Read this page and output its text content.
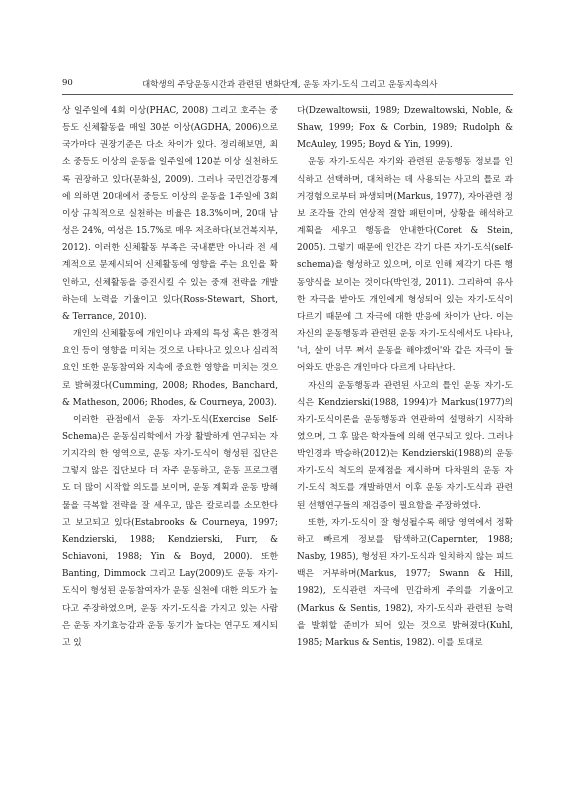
90	대학생의 주당운동시간과 관련된 변화단계, 운동 자기-도식 그리고 운동지속의사

상 일주일에 4회 이상(PHAC, 2008) 그리고 호주는 중등도 신체활동을 매일 30분 이상(AGDHA, 2006)으로 국가마다 권장기준은 다소 차이가 있다. 정리해보면, 최소 중등도 이상의 운동을 일주일에 120분 이상 실천하도록 권장하고 있다(문화실, 2009). 그러나 국민건강통계에 의하면 20대에서 중등도 이상의 운동을 1주일에 3회 이상 규칙적으로 실천하는 비율은 18.3%이며, 20대 남성은 24%, 여성은 15.7%로 매우 저조하다(보건복지부, 2012). 이러한 신체활동 부족은 국내뿐만 아니라 전 세계적으로 문제시되어 신체활동에 영향을 주는 요인을 확인하고, 신체활동을 증진시킬 수 있는 중재 전략을 개발하는데 노력을 기울이고 있다(Ross-Stewart, Short, & Terrance, 2010).

개인의 신체활동에 개인이나 과제의 특성 혹은 환경적 요인 등이 영향을 미치는 것으로 나타나고 있으나 심리적 요인 또한 운동참여와 지속에 중요한 영향을 미치는 것으로 밝혀졌다(Cumming, 2008; Rhodes, Banchard, & Matheson, 2006; Rhodes, & Courneya, 2003).

이러한 관점에서 운동 자기-도식(Exercise Self-Schema)은 운동심리학에서 가장 활발하게 연구되는 자기지각의 한 영역으로, 운동 자기-도식이 형성된 집단은 그렇지 않은 집단보다 더 자주 운동하고, 운동 프로그램도 더 많이 시작할 의도를 보이며, 운동 계획과 운동 방해물을 극복할 전략을 잘 세우고, 많은 칼로리를 소모한다고 보고되고 있다(Estabrooks & Courneya, 1997; Kendzierski, 1988; Kendzierski, Furr, & Schiavoni, 1988; Yin & Boyd, 2000). 또한 Banting, Dimmock 그리고 Lay(2009)도 운동 자기-도식이 형성된 운동참여자가 운동 실천에 대한 의도가 높다고 주장하였으며, 운동 자기-도식을 가지고 있는 사람은 운동 자기효능감과 운동 동기가 높다는 연구도 제시되고 있

다(Dzewaltowsii, 1989; Dzewaltowski, Noble, & Shaw, 1999; Fox & Corbin, 1989; Rudolph & McAuley, 1995; Boyd & Yin, 1999).

운동 자기-도식은 자기와 관련된 운동행동 정보를 인식하고 선택하며, 대처하는 데 사용되는 사고의 틀로 과거경험으로부터 파생되며(Markus, 1977), 자아관련 정보 조각들 간의 연상적 결합 패턴이며, 상황을 해석하고 계획을 세우고 행동을 안내한다(Coret & Stein, 2005). 그렇기 때문에 인간은 각기 다른 자기-도식(self-schema)을 형성하고 있으며, 이로 인해 제각기 다른 행동양식을 보이는 것이다(박인경, 2011). 그리하여 유사한 자극을 받아도 개인에게 형성되어 있는 자기-도식이 다르기 때문에 그 자극에 대한 반응에 차이가 난다. 이는 자신의 운동행동과 관련된 운동 자기-도식에서도 나타나, '너, 살이 너무 쪄서 운동을 해야겠어'와 같은 자극이 들어와도 반응은 개인마다 다르게 나타난다.

자신의 운동행동과 관련된 사고의 틀인 운동 자기-도식은 Kendzierski(1988, 1994)가 Markus(1977)의 자기-도식이론을 운동행동과 연관하여 설명하기 시작하였으며, 그 후 많은 학자들에 의해 연구되고 있다. 그러나 박인경과 박승하(2012)는 Kendzierski(1988)의 운동 자기-도식 척도의 문제점을 제시하며 다차원의 운동 자기-도식 척도를 개발하면서 이후 운동 자기-도식과 관련된 선행연구들의 재검증이 필요함을 주장하였다.

또한, 자기-도식이 잘 형성될수록 해당 영역에서 정확하고 빠르게 정보를 탐색하고(Capernter, 1988; Nasby, 1985), 형성된 자기-도식과 일치하지 않는 피드백은 거부하며(Markus, 1977; Swann & Hill, 1982), 도식관련 자극에 민감하게 주의를 기울이고(Markus & Sentis, 1982), 자기-도식과 관련된 능력을 발휘할 준비가 되어 있는 것으로 밝혀졌다(Kuhl, 1985; Markus & Sentis, 1982). 이를 토대로
